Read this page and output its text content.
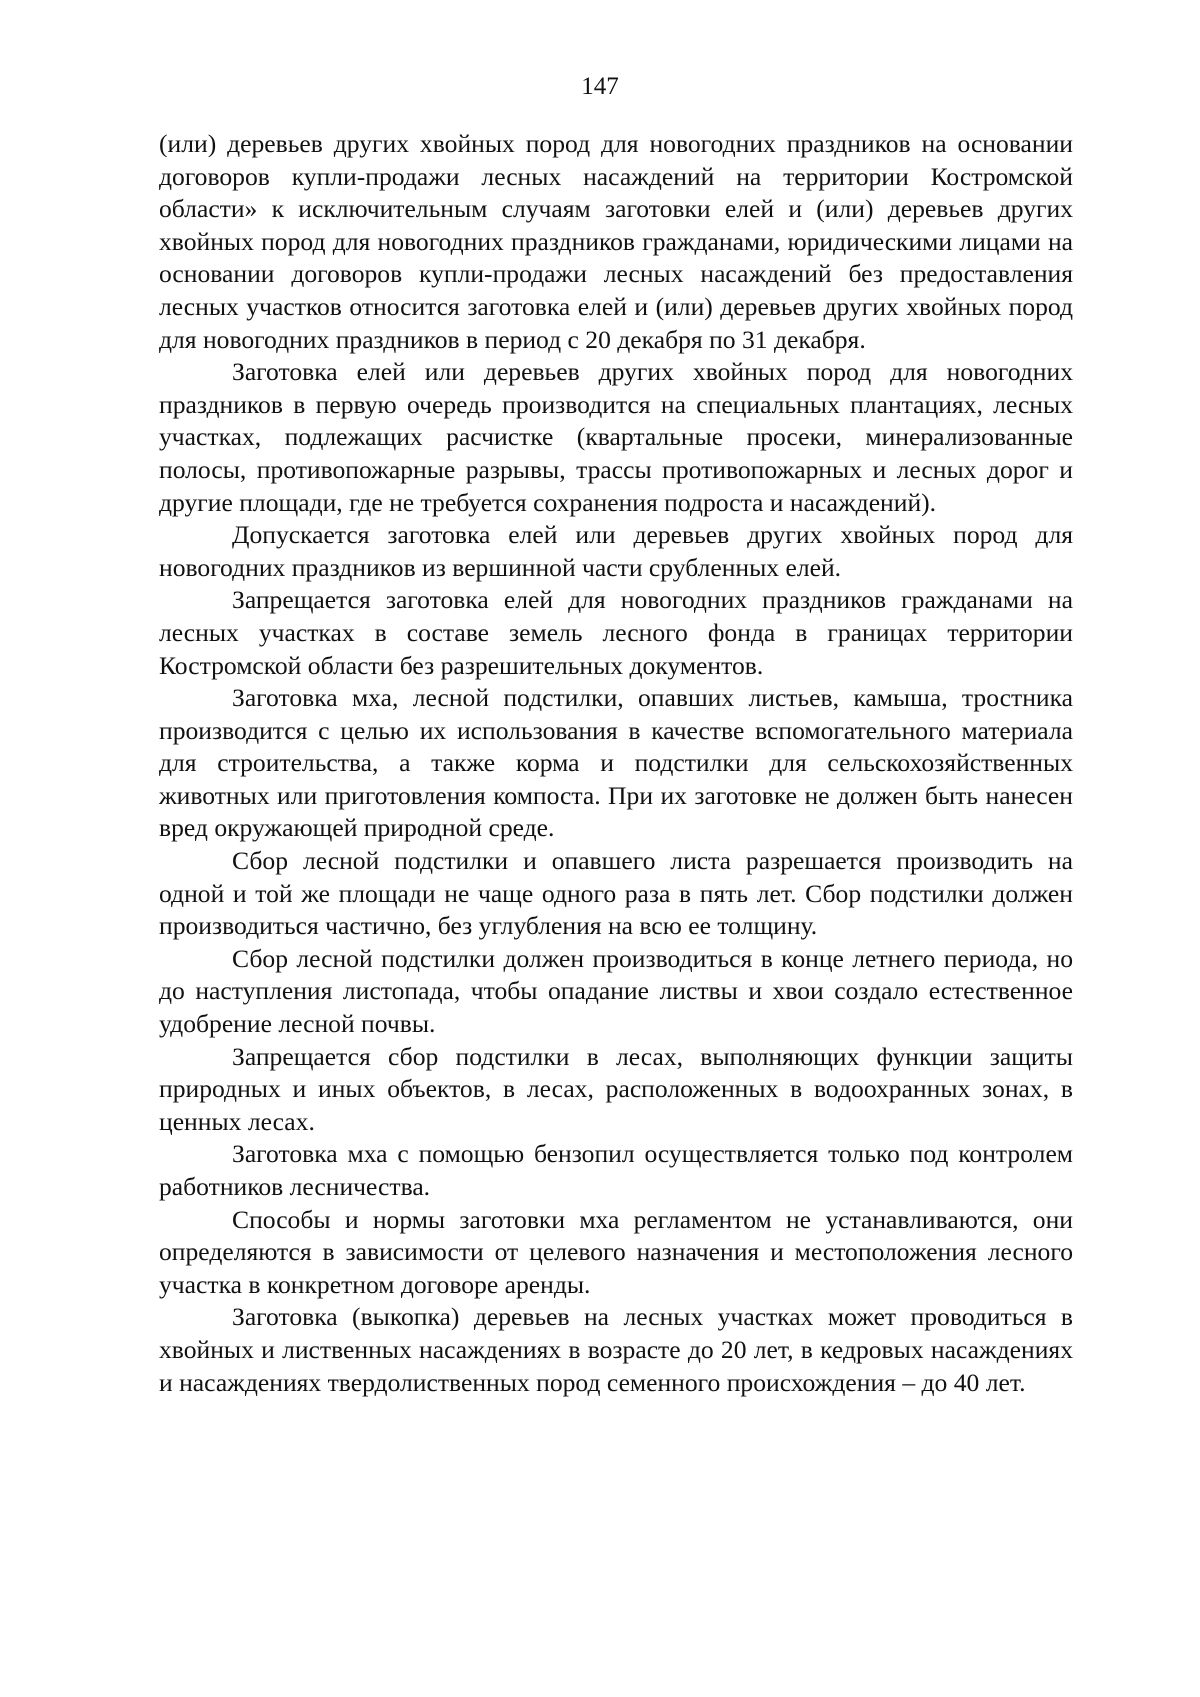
147

(или) деревьев других хвойных пород для новогодних праздников на основании договоров купли-продажи лесных насаждений на территории Костромской области» к исключительным случаям заготовки елей и (или) деревьев других хвойных пород для новогодних праздников гражданами, юридическими лицами на основании договоров купли-продажи лесных насаждений без предоставления лесных участков относится заготовка елей и (или) деревьев других хвойных пород для новогодних праздников в период с 20 декабря по 31 декабря.

Заготовка елей или деревьев других хвойных пород для новогодних праздников в первую очередь производится на специальных плантациях, лесных участках, подлежащих расчистке (квартальные просеки, минерализованные полосы, противопожарные разрывы, трассы противопожарных и лесных дорог и другие площади, где не требуется сохранения подроста и насаждений).

Допускается заготовка елей или деревьев других хвойных пород для новогодних праздников из вершинной части срубленных елей.

Запрещается заготовка елей для новогодних праздников гражданами на лесных участках в составе земель лесного фонда в границах территории Костромской области без разрешительных документов.

Заготовка мха, лесной подстилки, опавших листьев, камыша, тростника производится с целью их использования в качестве вспомогательного материала для строительства, а также корма и подстилки для сельскохозяйственных животных или приготовления компоста. При их заготовке не должен быть нанесен вред окружающей природной среде.

Сбор лесной подстилки и опавшего листа разрешается производить на одной и той же площади не чаще одного раза в пять лет. Сбор подстилки должен производиться частично, без углубления на всю ее толщину.

Сбор лесной подстилки должен производиться в конце летнего периода, но до наступления листопада, чтобы опадание листвы и хвои создало естественное удобрение лесной почвы.

Запрещается сбор подстилки в лесах, выполняющих функции защиты природных и иных объектов, в лесах, расположенных в водоохранных зонах, в ценных лесах.

Заготовка мха с помощью бензопил осуществляется только под контролем работников лесничества.

Способы и нормы заготовки мха регламентом не устанавливаются, они определяются в зависимости от целевого назначения и местоположения лесного участка в конкретном договоре аренды.

Заготовка (выкопка) деревьев на лесных участках может проводиться в хвойных и лиственных насаждениях в возрасте до 20 лет, в кедровых насаждениях и насаждениях твердолиственных пород семенного происхождения – до 40 лет.
